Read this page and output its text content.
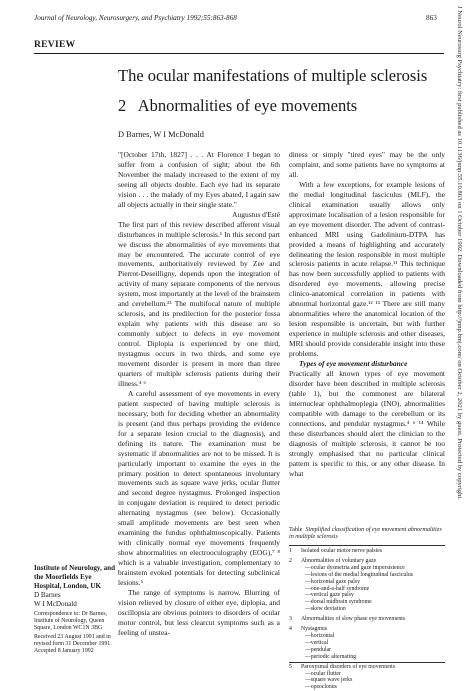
Journal of Neurology, Neurosurgery, and Psychiatry 1992;55:863-868	863
REVIEW
The ocular manifestations of multiple sclerosis
2   Abnormalities of eye movements
D Barnes, W I McDonald

"[October 17th, 1827] . . . At Florence I began to suffer from a confusion of sight; about the 6th November the malady increased to the extent of my seeing all objects double. Each eye had its separate vision . . . the malady of my Eyes abated, I again saw all objects actually in their single state."

Augustus d'Esté

The first part of this review described afferent visual disturbances in multiple sclerosis.¹ In this second part we discuss the abnormalities of eye movements that may be encountered. The accurate control of eye movements, authoritatively reviewed by Zee and Pierrot-Deseilligny, depends upon the integration of activity of many separate components of the nervous system, most importantly at the level of the brainstem and cerebellum.²³ The multifocal nature of multiple sclerosis, and its predilection for the posterior fossa explain why patients with this disease are so commonly subject to defects in eye movement control. Diplopia is experienced by one third, nystagmus occurs in two thirds, and some eye movement disorder is present in more than three quarters of multiple sclerosis patients during their illness.⁴ ⁶

A careful assessment of eye movements in every patient suspected of having multiple sclerosis is necessary, both for deciding whether an abnormality is present (and thus perhaps providing the evidence for a separate lesion crucial to the diagnosis), and defining its nature. The examination must be systematic if abnormalities are not to be missed. It is particularly important to examine the eyes in the primary position to detect spontaneous involuntary movements such as square wave jerks, ocular flutter and second degree nystagmus. Prolonged inspection in conjugate deviation is required to detect periodic alternating nystagmus (see below). Occasionally small amplitude movements are best seen when examining the fundus ophthalmoscopically. Patients with clinically normal eye movements frequently show abnormalities on electrooculography (EOG),⁷ ⁸ which is a valuable investigation, complementary to brainstem evoked potentials for detecting subclinical lesions.⁵

The range of symptoms is narrow. Blurring of vision relieved by closure of either eye, diplopia, and oscillopsia are obvious pointers to disorders of ocular motor control, but less clearcut symptoms such as a feeling of unstea-

diness or simply "tired eyes" may be the only complaint, and some patients have no symptoms at all.

With a few exceptions, for example lesions of the medial longitudinal fasciculus (MLF), the clinical examination usually allows only approximate localisation of a lesion responsible for an eye movement disorder. The advent of contrast-enhanced MRI using Gadolinium-DTPA has provided a means of highlighting and accurately delineating the lesion responsible in most multiple sclerosis patients in acute relapse.¹¹ This technique has now been successfully applied to patients with disordered eye movements, allowing precise clinico-anatomical correlation in patients with abnormal horizontal gaze.¹² ¹³ There are still many abnormalities where the anatomical location of the lesion responsible is uncertain, but with further experience in multiple sclerosis and other diseases, MRI should provide considerable insight into these problems.

Types of eye movement disturbance

Practically all known types of eye movement disorder have been described in multiple sclerosis (table 1), but the commonest are bilateral internuclear ophthalmoplegia (INO), abnormalities compatible with damage to the cerebellum or its connections, and pendular nystagmus.⁴ ⁶ ¹⁴ While these disturbances should alert the clinician to the diagnosis of multiple sclerosis, it cannot be too strongly emphasised that no particular clinical pattern is specific to this, or any other disease. In what

Table Simplified classification of eye movement abnormalities in multiple sclerosis
1 Isolated ocular motor nerve palsies
2 Abnormalities of voluntary gaze
—ocular dysmetria and gaze impersistence
—lesions of the medial longitudinal fasciculus
—horizontal gaze palsy
—one-and-a-half syndrome
—vertical gaze palsy
—dorsal midbrain syndrome
—skew deviation
3 Abnormalities of slow phase eye movements
4 Nystagmus
—horizontal
—vertical
—pendular
—periodic alternating
5 Paroxysmal disorders of eye movements
—ocular flutter
—square wave jerks
—opsoclonus
Institute of Neurology, and the Moorfields Eye Hospital, London, UK
D Barnes
W I McDonald
Correspondence to: Dr Barnes, Institute of Neurology, Queen Square, London WC1N 3BG
Received 23 August 1991 and in revised form 31 December 1991.
Accepted 8 January 1992
J Neurol Neurosurg Psychiatry: first published as 10.1136/jnnp.55.10.863 on 1 October 1992. Downloaded from http://jnnp.bmj.com/ on October 2, 2021 by guest. Protected by copyright.
